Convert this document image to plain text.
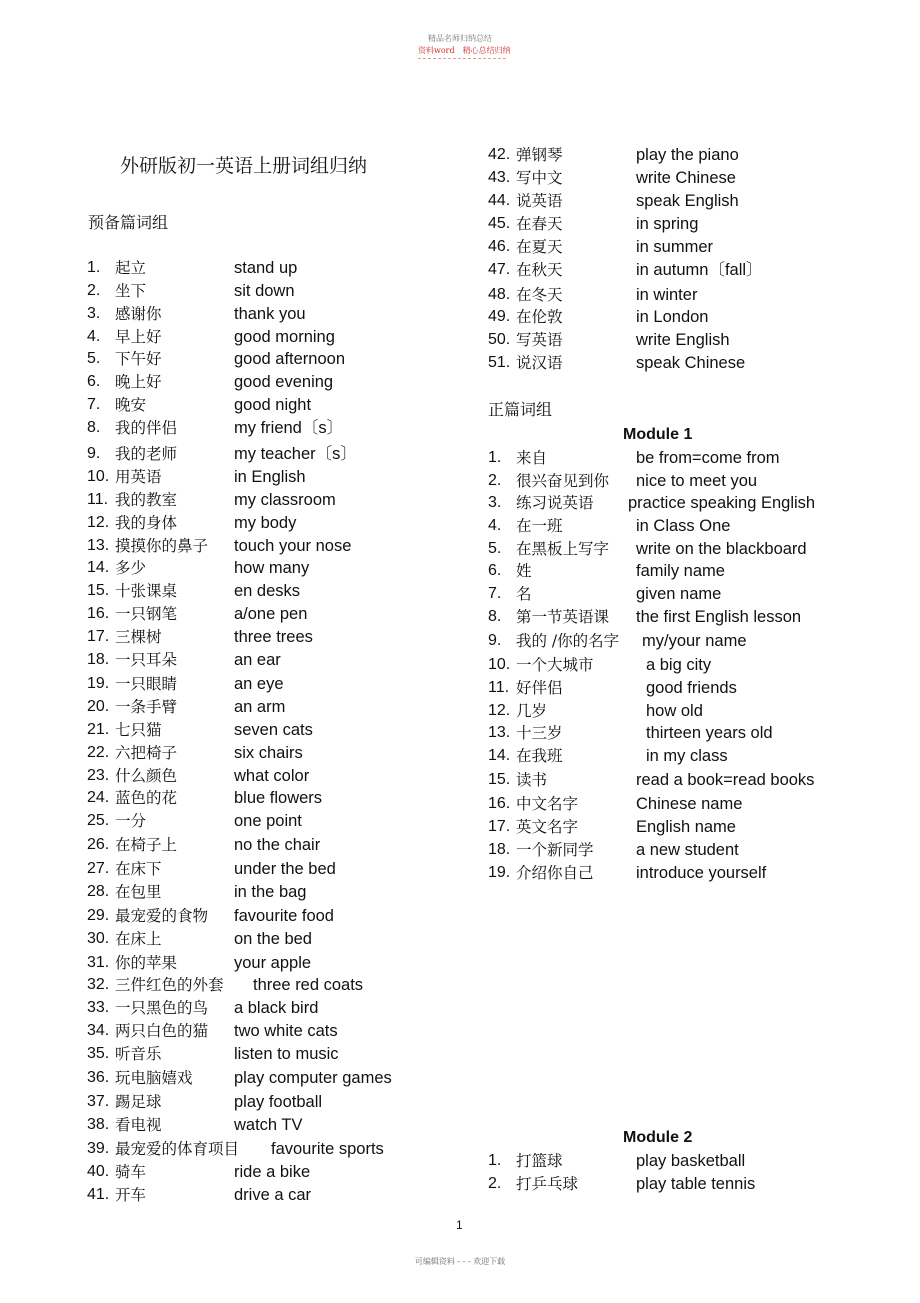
精品名师归纳总结
资料word 精心总结归纳
外研版初一英语上册词组归纳
预备篇词组
1. 起立	stand up
2. 坐下	sit down
3. 感谢你	thank you
4. 早上好	good morning
5. 下午好	good afternoon
6. 晚上好	good evening
7. 晚安	good night
8. 我的伴侣	my friend〔s〕
9. 我的老师	my teacher〔s〕
10. 用英语	in English
11. 我的教室	my classroom
12. 我的身体	my body
13. 摸摸你的鼻子 touch your nose
14. 多少	how many
15. 十张课桌	en desks
16. 一只钢笔	a/one pen
17. 三棵树	three trees
18. 一只耳朵	an ear
19. 一只眼睛	an eye
20. 一条手臂	an arm
21. 七只猫	seven cats
22. 六把椅子	six chairs
23. 什么颜色	what color
24. 蓝色的花	blue flowers
25. 一分	one point
26. 在椅子上	no the chair
27. 在床下	under the bed
28. 在包里	in the bag
29. 最宠爱的食物 favourite food
30. 在床上	on the bed
31. 你的苹果	your apple
32. 三件红色的外套 three red coats
33. 一只黑色的鸟 a black bird
34. 两只白色的猫 two white cats
35. 听音乐	listen to music
36. 玩电脑嬉戏	play computer games
37. 踢足球	play football
38. 看电视	watch TV
39. 最宠爱的体育项目 favourite sports
40. 骑车	ride a bike
41. 开车	drive a car
42. 弹钢琴	play the piano
43. 写中文	write Chinese
44. 说英语	speak English
45. 在春天	in spring
46. 在夏天	in summer
47. 在秋天	in autumn〔fall〕
48. 在冬天	in winter
49. 在伦敦	in London
50. 写英语	write English
51. 说汉语	speak Chinese
正篇词组
Module 1
1. 来自	be from=come from
2. 很兴奋见到你 nice to meet you
3. 练习说英语 practice speaking English
4. 在一班	in Class One
5. 在黑板上写字 write on the blackboard
6. 姓	family name
7. 名	given name
8. 第一节英语课 the first English lesson
9. 我的 /你的名字 my/your name
10. 一个大城市	a big city
11. 好伴侣	good friends
12. 几岁	how old
13. 十三岁	thirteen years old
14. 在我班	in my class
15. 读书	read a book=read books
16. 中文名字	Chinese name
17. 英文名字	English name
18. 一个新同学	a new student
19. 介绍你自己	introduce yourself
Module 2
1. 打篮球	play basketball
2. 打乒乓球	play table tennis
1
可编辑资料 - - - 欢迎下载
